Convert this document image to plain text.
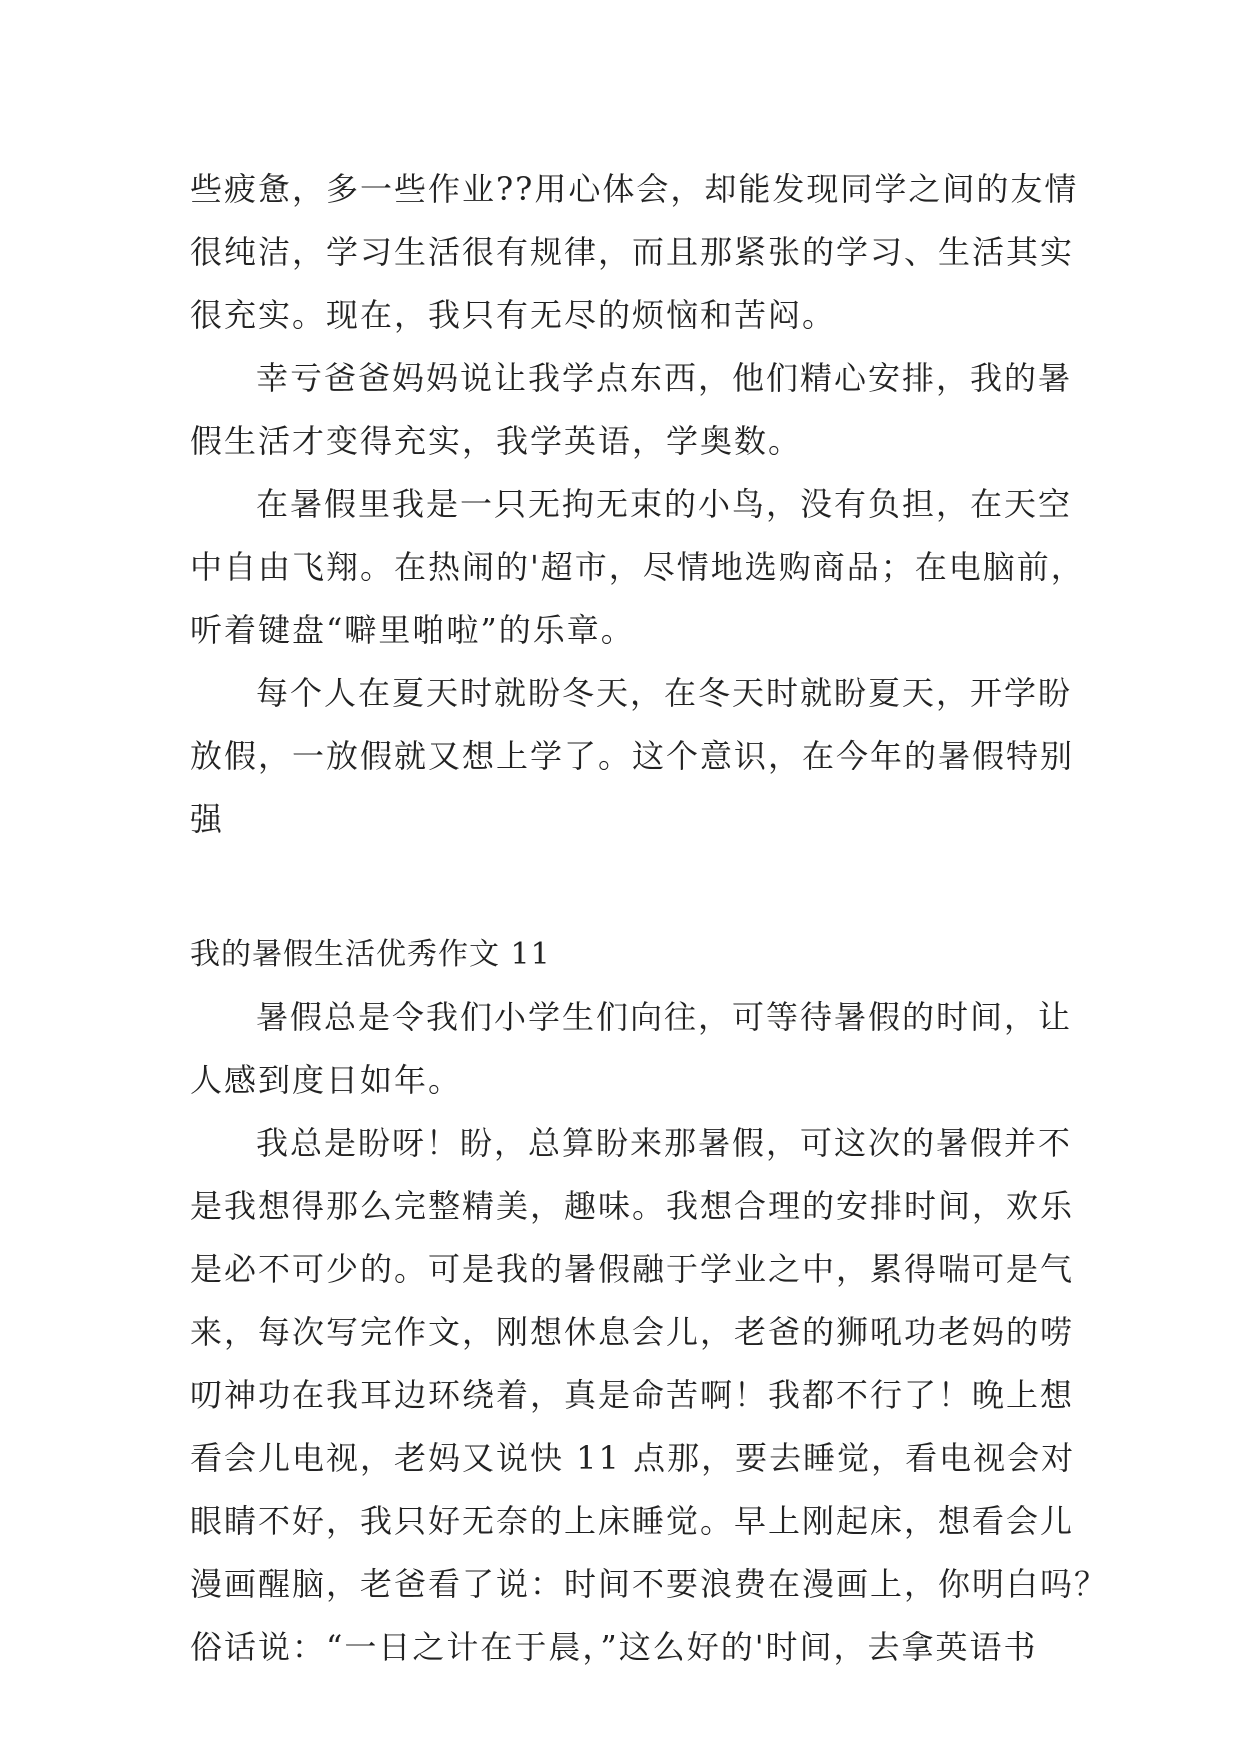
些疲惫，多一些作业??用心体会，却能发现同学之间的友情
很纯洁，学习生活很有规律，而且那紧张的学习、生活其实
很充实。现在，我只有无尽的烦恼和苦闷。
幸亏爸爸妈妈说让我学点东西，他们精心安排，我的暑
假生活才变得充实，我学英语，学奥数。
在暑假里我是一只无拘无束的小鸟，没有负担，在天空
中自由飞翔。在热闹的'超市，尽情地选购商品；在电脑前，
听着键盘“噼里啪啦”的乐章。
每个人在夏天时就盼冬天，在冬天时就盼夏天，开学盼
放假，一放假就又想上学了。这个意识，在今年的暑假特别
强
我的暑假生活优秀作文 11
暑假总是令我们小学生们向往，可等待暑假的时间，让
人感到度日如年。
我总是盼呀！盼，总算盼来那暑假，可这次的暑假并不
是我想得那么完整精美，趣味。我想合理的安排时间，欢乐
是必不可少的。可是我的暑假融于学业之中，累得喘可是气
来，每次写完作文，刚想休息会儿，老爸的狮吼功老妈的唠
叨神功在我耳边环绕着，真是命苦啊！我都不行了！晚上想
看会儿电视，老妈又说快 11 点那，要去睡觉，看电视会对
眼睛不好，我只好无奈的上床睡觉。早上刚起床，想看会儿
漫画醒脑，老爸看了说：时间不要浪费在漫画上，你明白吗？
俗话说：“一日之计在于晨，”这么好的'时间，去拿英语书
